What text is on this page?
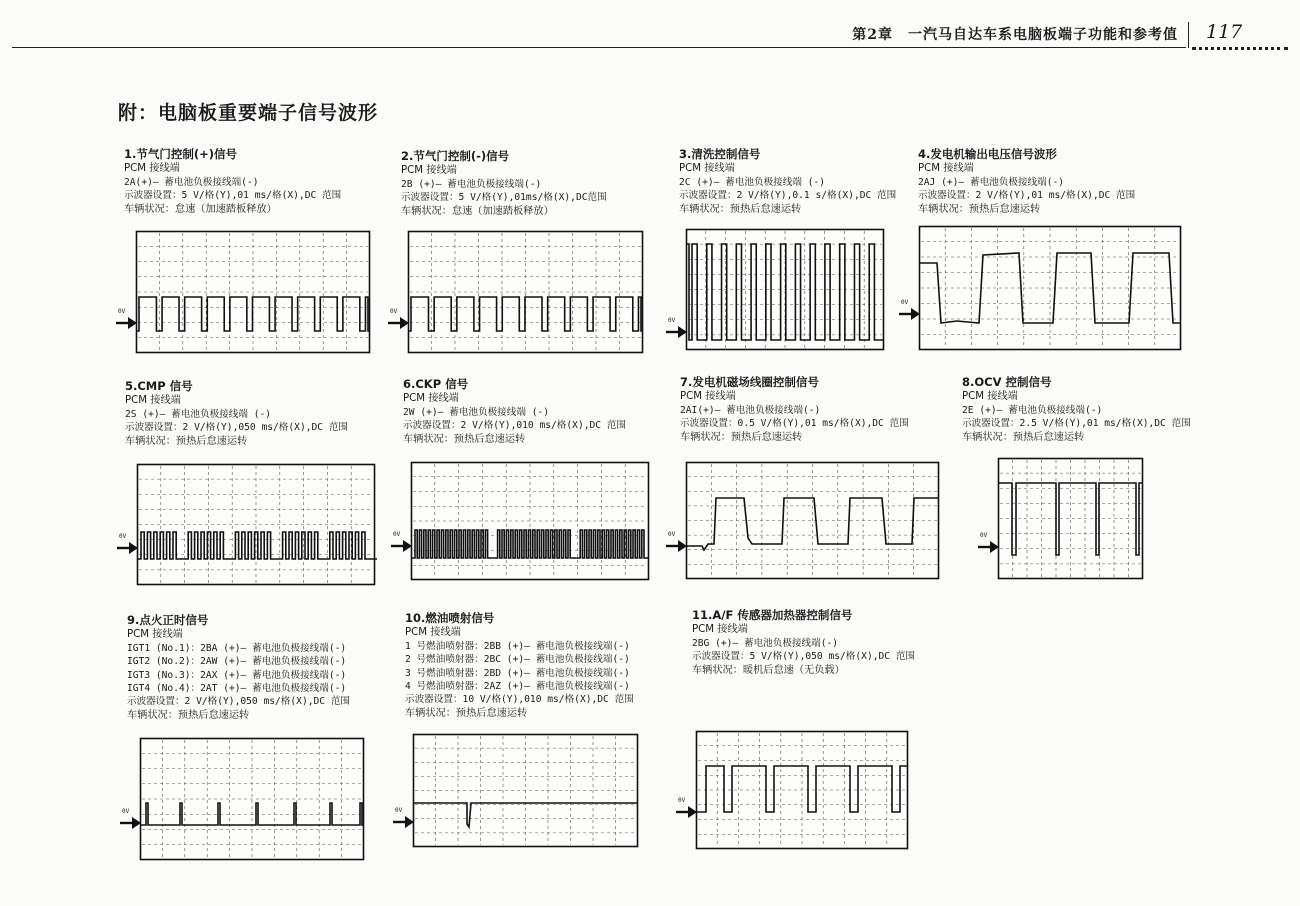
第2章　一汽马自达车系电脑板端子功能和参考值 117
附：电脑板重要端子信号波形
1.节气门控制(+)信号
PCM 接线端
2A(+)— 蓄电池负极接线端(-)
示波器设置：5 V/格(Y),01 ms/格(X),DC 范围
车辆状况：怠速（加速踏板释放）
2.节气门控制(-)信号
PCM 接线端
2B (+)— 蓄电池负极接线端(-)
示波器设置：5 V/格(Y),01ms/格(X),DC范围
车辆状况：怠速（加速踏板释放）
3.清洗控制信号
PCM 接线端
2C (+)— 蓄电池负极接线端 (-)
示波器设置：2 V/格(Y),0.1 s/格(X),DC 范围
车辆状况：预热后怠速运转
4.发电机输出电压信号波形
PCM 接线端
2AJ (+)— 蓄电池负极接线端(-)
示波器设置：2 V/格(Y),01 ms/格(X),DC 范围
车辆状况：预热后怠速运转
5.CMP 信号
PCM 接线端
2S (+)— 蓄电池负极接线端 (-)
示波器设置：2 V/格(Y),050 ms/格(X),DC 范围
车辆状况：预热后怠速运转
6.CKP 信号
PCM 接线端
2W (+)— 蓄电池负极接线端 (-)
示波器设置：2 V/格(Y),010 ms/格(X),DC 范围
车辆状况：预热后怠速运转
7.发电机磁场线圈控制信号
PCM 接线端
2AI(+)— 蓄电池负极接线端(-)
示波器设置：0.5 V/格(Y),01 ms/格(X),DC 范围
车辆状况：预热后怠速运转
8.OCV 控制信号
PCM 接线端
2E (+)— 蓄电池负极接线端(-)
示波器设置：2.5 V/格(Y),01 ms/格(X),DC 范围
车辆状况：预热后怠速运转
9.点火正时信号
PCM 接线端
IGT1 (No.1)：2BA (+)— 蓄电池负极接线端(-)
IGT2 (No.2)：2AW (+)— 蓄电池负极接线端(-)
IGT3 (No.3)：2AX (+)— 蓄电池负极接线端(-)
IGT4 (No.4)：2AT (+)— 蓄电池负极接线端(-)
示波器设置：2 V/格(Y),050 ms/格(X),DC 范围
车辆状况：预热后怠速运转
10.燃油喷射信号
PCM 接线端
1 号燃油喷射器：2BB (+)— 蓄电池负极接线端(-)
2 号燃油喷射器：2BC (+)— 蓄电池负极接线端(-)
3 号燃油喷射器：2BD (+)— 蓄电池负极接线端(-)
4 号燃油喷射器：2AZ (+)— 蓄电池负极接线端(-)
示波器设置：10 V/格(Y),010 ms/格(X),DC 范围
车辆状况：预热后怠速运转
11.A/F 传感器加热器控制信号
PCM 接线端
2BG (+)— 蓄电池负极接线端(-)
示波器设置：5 V/格(Y),050 ms/格(X),DC 范围
车辆状况：暖机后怠速（无负载）
0V	0V
0V
0V
0V	0V	0V	0V
0V	0V
0V
